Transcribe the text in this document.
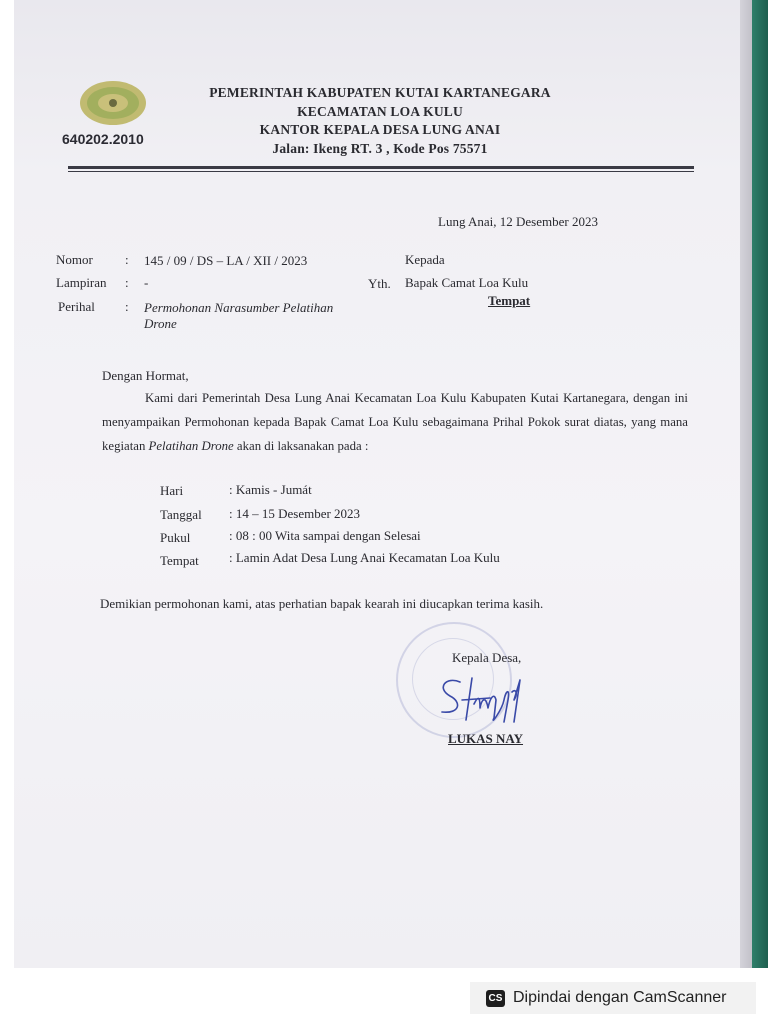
640202.2010
PEMERINTAH KABUPATEN KUTAI KARTANEGARA
KECAMATAN LOA KULU
KANTOR KEPALA DESA LUNG ANAI
Jalan: Ikeng RT. 3 , Kode Pos 75571
Lung Anai, 12 Desember 2023
Nomor : 145 / 09 / DS – LA / XII / 2023
Lampiran : -
Perihal : Permohonan Narasumber Pelatihan
Drone
Kepada
Yth. Bapak Camat Loa Kulu
Tempat
Dengan Hormat,
Kami dari Pemerintah Desa Lung Anai Kecamatan Loa Kulu Kabupaten Kutai Kartanegara, dengan ini menyampaikan Permohonan kepada Bapak Camat Loa Kulu sebagaimana Prihal Pokok surat diatas, yang mana kegiatan Pelatihan Drone akan di laksanakan pada :
Hari	: Kamis - Jumát
Tanggal : 14 – 15 Desember 2023
Pukul	: 08 : 00 Wita sampai dengan Selesai
Tempat : Lamin Adat Desa Lung Anai Kecamatan Loa Kulu
Demikian permohonan kami, atas perhatian bapak kearah ini diucapkan terima kasih.
Kepala Desa,
LUKAS NAY
CS Dipindai dengan CamScanner
